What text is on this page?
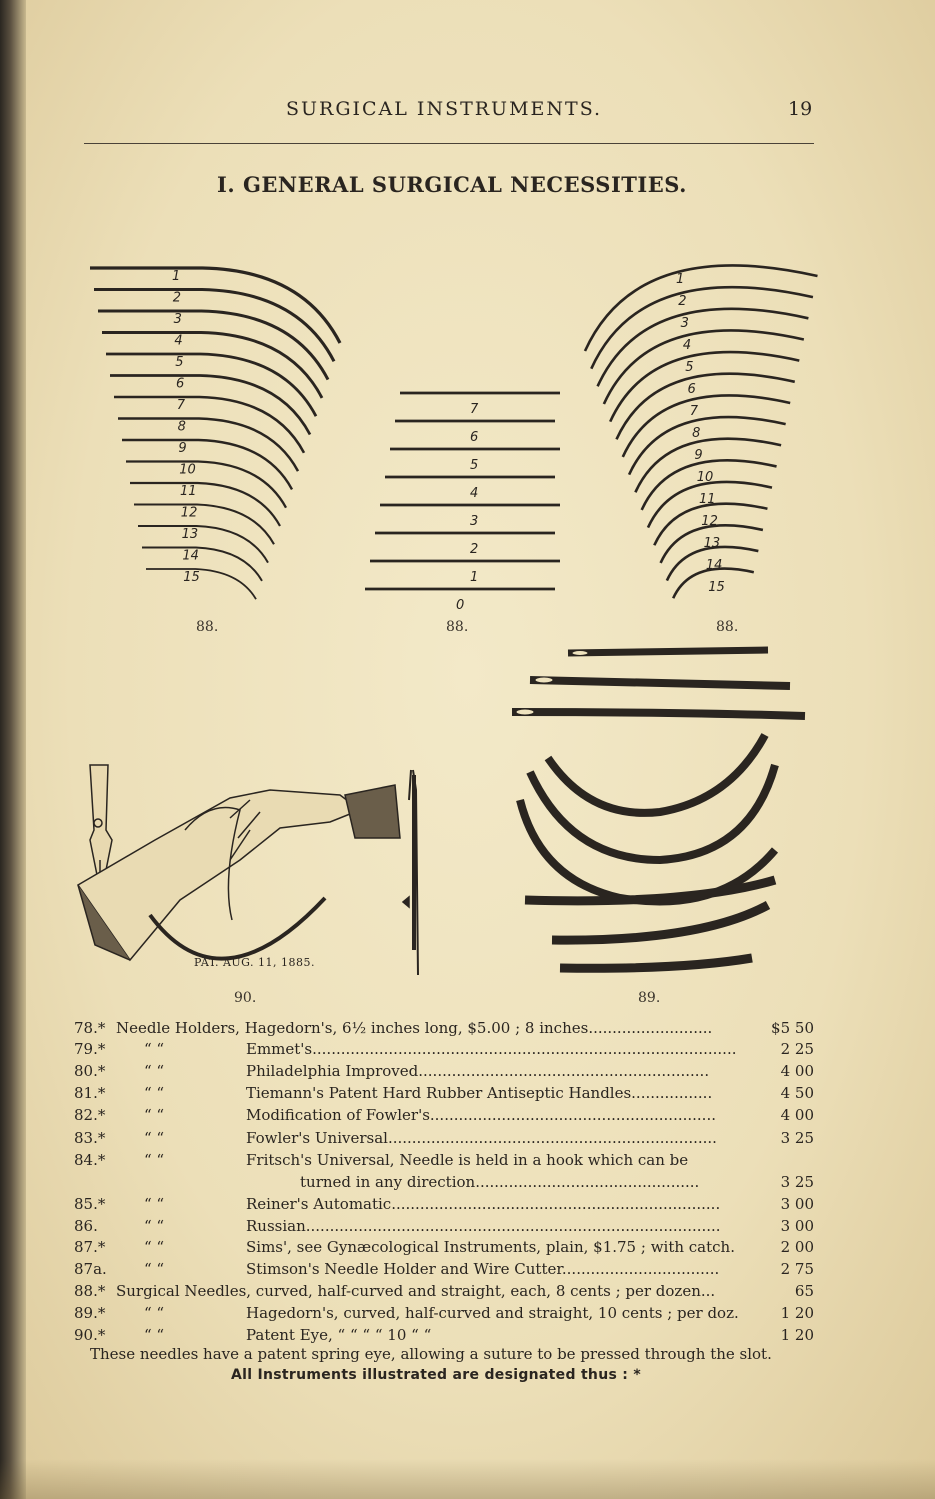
SURGICAL INSTRUMENTS.	19
I. GENERAL SURGICAL NECESSITIES.
1
2
3
4
5
6
7
8
9
10
11
12
13
14
15
7
6
5
4
3
2
1
0
1
2
3
4
5
6
7
8
9
10
11
12
13
14
15
88.	88.	88.
PAT. AUG. 11, 1885.
90.	89.
78.* Needle Holders, Hagedorn's, 6½ inches long, $5.00 ; 8 inches..........................	$5 50
79.*	“ “	Emmet's.........................................................................................	2 25
80.*	“ “	Philadelphia Improved.............................................................	4 00
81.*	“ “	Tiemann's Patent Hard Rubber Antiseptic Handles.................	4 50
82.*	“ “	Modification of Fowler's............................................................	4 00
83.*	“ “	Fowler's Universal.....................................................................	3 25
84.*	“ “	Fritsch's Universal, Needle is held in a hook which can be
turned in any direction...............................................	3 25
85.*	“ “	Reiner's Automatic.....................................................................	3 00
86.	“ “	Russian.......................................................................................	3 00
87.*	“ “	Sims', see Gynæcological Instruments, plain, $1.75 ; with catch.	2 00
87a. “ “	Stimson's Needle Holder and Wire Cutter.................................	2 75
88.* Surgical Needles, curved, half-curved and straight, each, 8 cents ; per dozen...	65
89.*	“ “	Hagedorn's, curved, half-curved and straight, 10 cents ; per doz.	1 20
90.*	“ “	Patent Eye, “ “ “ “ 10 “ “	1 20
These needles have a patent spring eye, allowing a suture to be pressed through the slot.
All Instruments illustrated are designated thus : *
